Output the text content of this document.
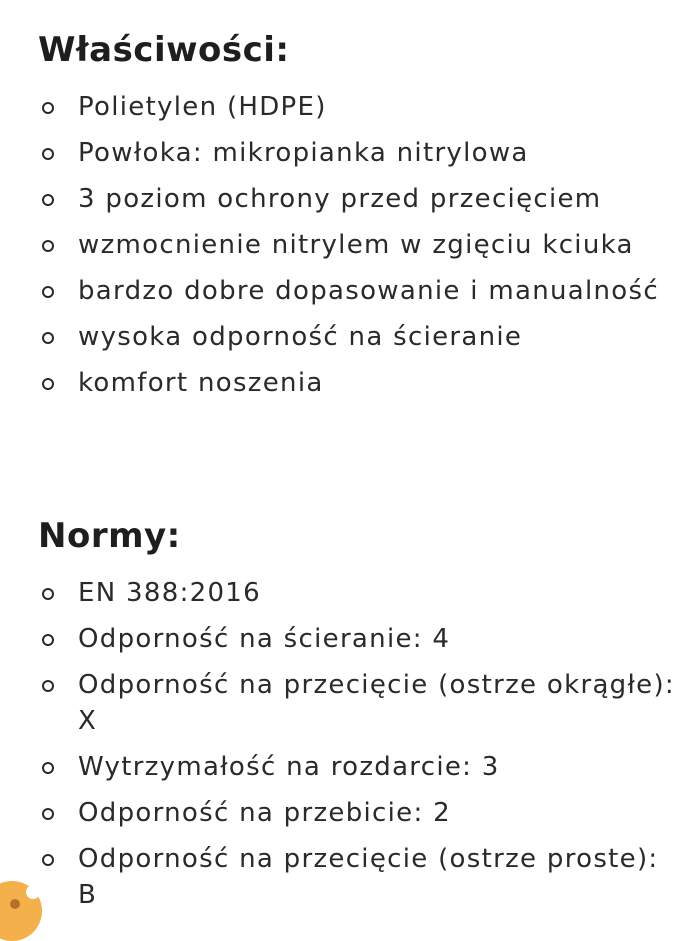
Właściwości:
Polietylen (HDPE)
Powłoka: mikropianka nitrylowa
3 poziom ochrony przed przecięciem
wzmocnienie nitrylem w zgięciu kciuka
bardzo dobre dopasowanie i manualność
wysoka odporność na ścieranie
komfort noszenia
Normy:
EN 388:2016
Odporność na ścieranie: 4
Odporność na przecięcie (ostrze okrągłe): X
Wytrzymałość na rozdarcie: 3
Odporność na przebicie: 2
Odporność na przecięcie (ostrze proste): B
